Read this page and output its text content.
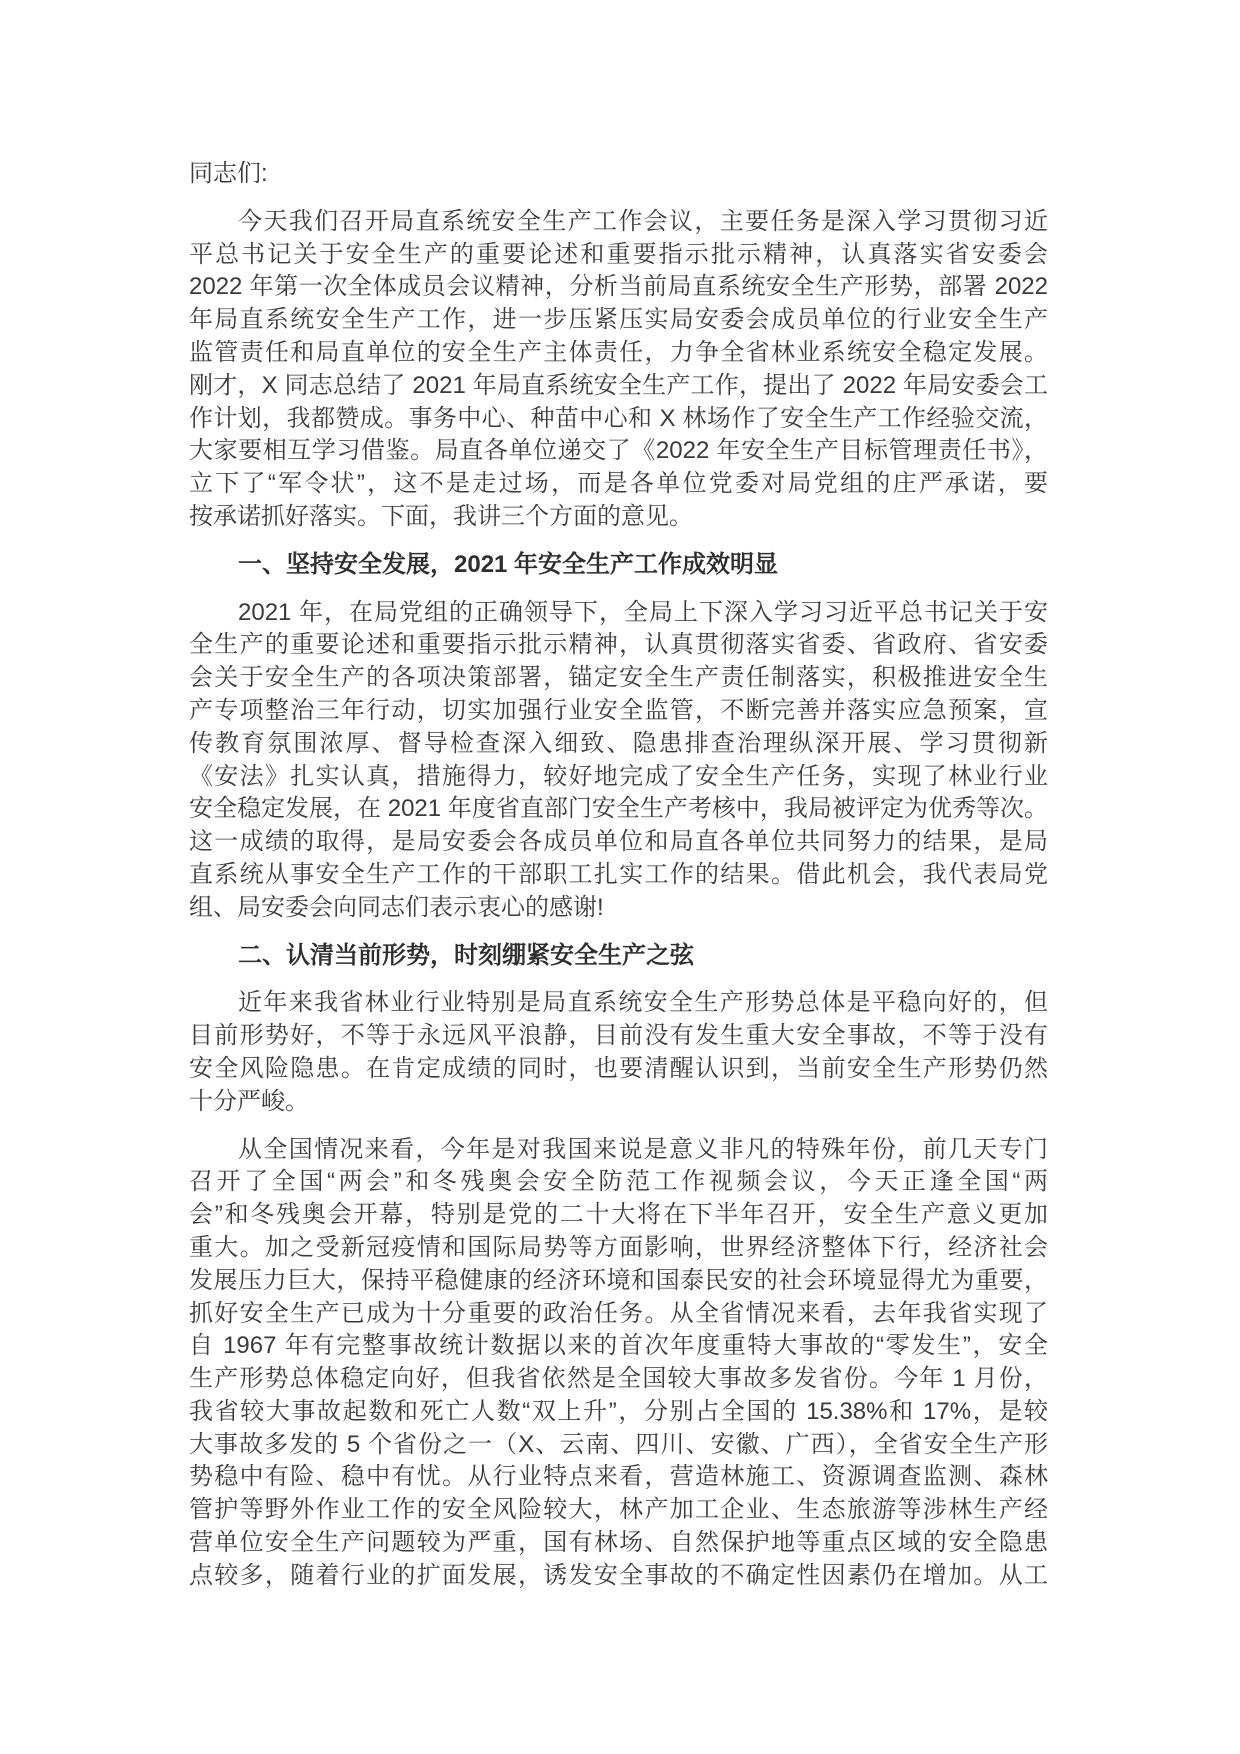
同志们:
今天我们召开局直系统安全生产工作会议，主要任务是深入学习贯彻习近
平总书记关于安全生产的重要论述和重要指示批示精神，认真落实省安委会
2022 年第一次全体成员会议精神，分析当前局直系统安全生产形势，部署 2022
年局直系统安全生产工作，进一步压紧压实局安委会成员单位的行业安全生产
监管责任和局直单位的安全生产主体责任，力争全省林业系统安全稳定发展。
刚才，X 同志总结了 2021 年局直系统安全生产工作，提出了 2022 年局安委会工
作计划，我都赞成。事务中心、种苗中心和 X 林场作了安全生产工作经验交流，
大家要相互学习借鉴。局直各单位递交了《2022 年安全生产目标管理责任书》，
立下了“军令状”，这不是走过场，而是各单位党委对局党组的庄严承诺，要
按承诺抓好落实。下面，我讲三个方面的意见。
一、坚持安全发展，2021 年安全生产工作成效明显
2021 年，在局党组的正确领导下，全局上下深入学习习近平总书记关于安
全生产的重要论述和重要指示批示精神，认真贯彻落实省委、省政府、省安委
会关于安全生产的各项决策部署，锚定安全生产责任制落实，积极推进安全生
产专项整治三年行动，切实加强行业安全监管，不断完善并落实应急预案，宣
传教育氛围浓厚、督导检查深入细致、隐患排查治理纵深开展、学习贯彻新
《安法》扎实认真，措施得力，较好地完成了安全生产任务，实现了林业行业
安全稳定发展，在 2021 年度省直部门安全生产考核中，我局被评定为优秀等次。
这一成绩的取得，是局安委会各成员单位和局直各单位共同努力的结果，是局
直系统从事安全生产工作的干部职工扎实工作的结果。借此机会，我代表局党
组、局安委会向同志们表示衷心的感谢!
二、认清当前形势，时刻绷紧安全生产之弦
近年来我省林业行业特别是局直系统安全生产形势总体是平稳向好的，但
目前形势好，不等于永远风平浪静，目前没有发生重大安全事故，不等于没有
安全风险隐患。在肯定成绩的同时，也要清醒认识到，当前安全生产形势仍然
十分严峻。
从全国情况来看，今年是对我国来说是意义非凡的特殊年份，前几天专门
召开了全国“两会”和冬残奥会安全防范工作视频会议，今天正逢全国“两
会”和冬残奥会开幕，特别是党的二十大将在下半年召开，安全生产意义更加
重大。加之受新冠疫情和国际局势等方面影响，世界经济整体下行，经济社会
发展压力巨大，保持平稳健康的经济环境和国泰民安的社会环境显得尤为重要，
抓好安全生产已成为十分重要的政治任务。从全省情况来看，去年我省实现了
自 1967 年有完整事故统计数据以来的首次年度重特大事故的“零发生”，安全
生产形势总体稳定向好，但我省依然是全国较大事故多发省份。今年 1 月份，
我省较大事故起数和死亡人数“双上升”，分别占全国的 15.38%和 17%，是较
大事故多发的 5 个省份之一（X、云南、四川、安徽、广西），全省安全生产形
势稳中有险、稳中有忧。从行业特点来看，营造林施工、资源调查监测、森林
管护等野外作业工作的安全风险较大，林产加工企业、生态旅游等涉林生产经
营单位安全生产问题较为严重，国有林场、自然保护地等重点区域的安全隐患
点较多，随着行业的扩面发展，诱发安全事故的不确定性因素仍在增加。从工
